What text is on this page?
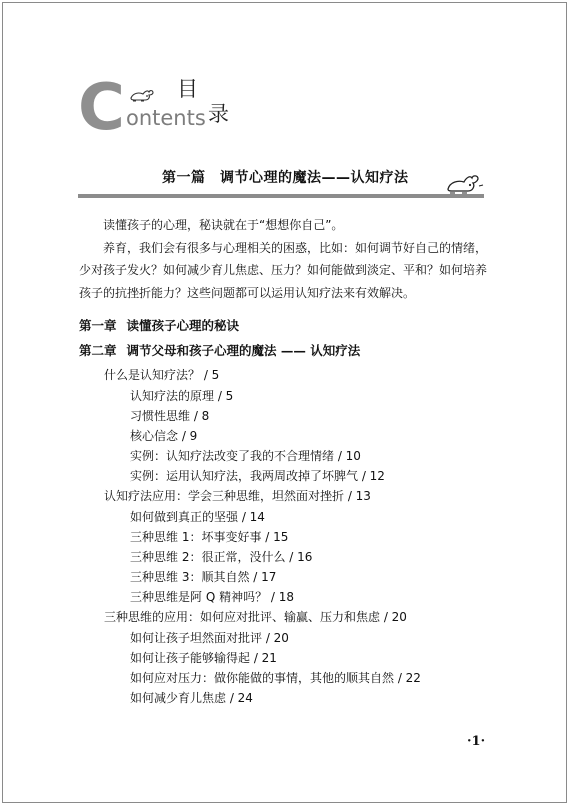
C ontents
目
录
第一篇　调节心理的魔法——认知疗法

读懂孩子的心理，秘诀就在于“想想你自己”。

养育，我们会有很多与心理相关的困惑，比如：如何调节好自己的情绪，少对孩子发火？如何减少育儿焦虑、压力？如何能做到淡定、平和？如何培养孩子的抗挫折能力？这些问题都可以运用认知疗法来有效解决。

第一章 读懂孩子心理的秘诀
第二章 调节父母和孩子心理的魔法 —— 认知疗法
什么是认知疗法？ / 5
认知疗法的原理 / 5
习惯性思维 / 8
核心信念 / 9
实例：认知疗法改变了我的不合理情绪 / 10
实例：运用认知疗法，我两周改掉了坏脾气 / 12
认知疗法应用：学会三种思维，坦然面对挫折 / 13
如何做到真正的坚强 / 14
三种思维 1：坏事变好事 / 15
三种思维 2：很正常，没什么 / 16
三种思维 3：顺其自然 / 17
三种思维是阿 Q 精神吗？ / 18
三种思维的应用：如何应对批评、输赢、压力和焦虑 / 20
如何让孩子坦然面对批评 / 20
如何让孩子能够输得起 / 21
如何应对压力：做你能做的事情，其他的顺其自然 / 22
如何减少育儿焦虑 / 24
·1·
